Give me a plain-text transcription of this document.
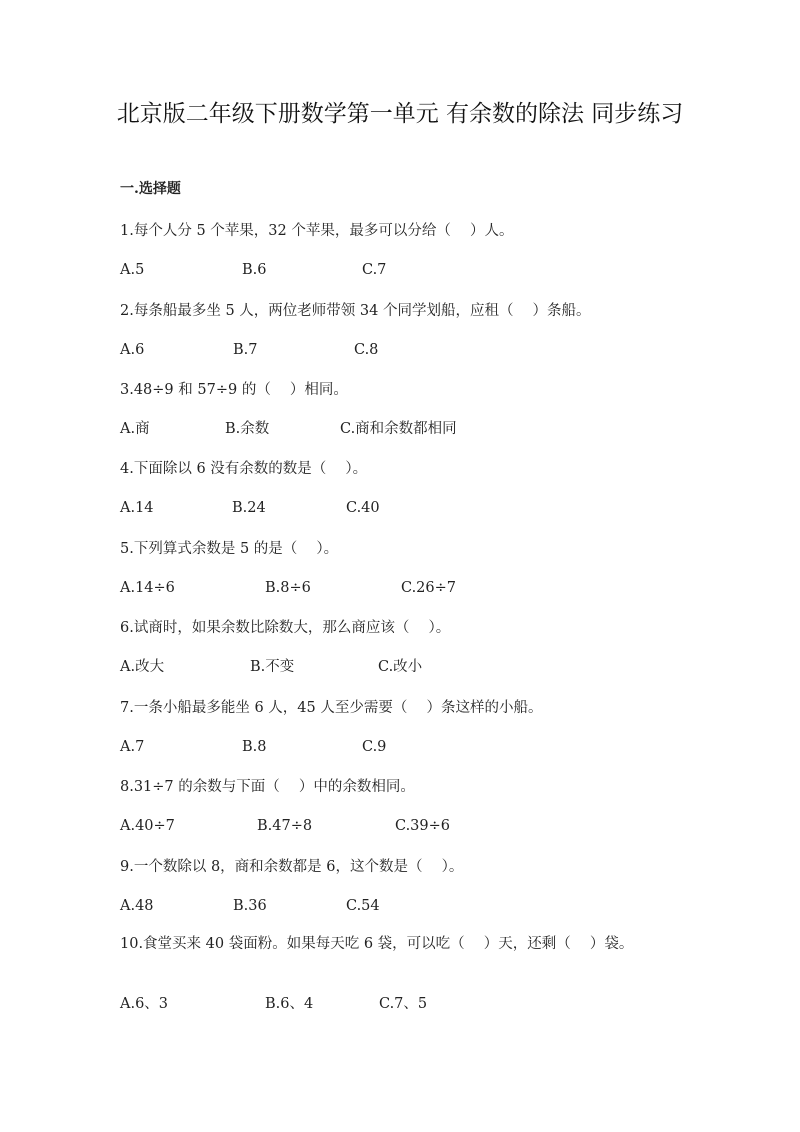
北京版二年级下册数学第一单元 有余数的除法 同步练习
一.选择题
1.每个人分 5 个苹果，32 个苹果，最多可以分给（　 ）人。
A.5	B.6	C.7
2.每条船最多坐 5 人，两位老师带领 34 个同学划船，应租（　 ）条船。
A.6	B.7	C.8
3.48÷9 和 57÷9 的（　 ）相同。
A.商	B.余数	C.商和余数都相同
4.下面除以 6 没有余数的数是（　 ）。
A.14	B.24	C.40
5.下列算式余数是 5 的是（　 ）。
A.14÷6	B.8÷6	C.26÷7
6.试商时，如果余数比除数大，那么商应该（　 ）。
A.改大	B.不变	C.改小
7.一条小船最多能坐 6 人，45 人至少需要（　 ）条这样的小船。
A.7	B.8	C.9
8.31÷7 的余数与下面（　 ）中的余数相同。
A.40÷7	B.47÷8	C.39÷6
9.一个数除以 8，商和余数都是 6，这个数是（　 ）。
A.48	B.36	C.54
10.食堂买来 40 袋面粉。如果每天吃 6 袋，可以吃（　 ）天，还剩（　 ）袋。
A.6、3	B.6、4	C.7、5
